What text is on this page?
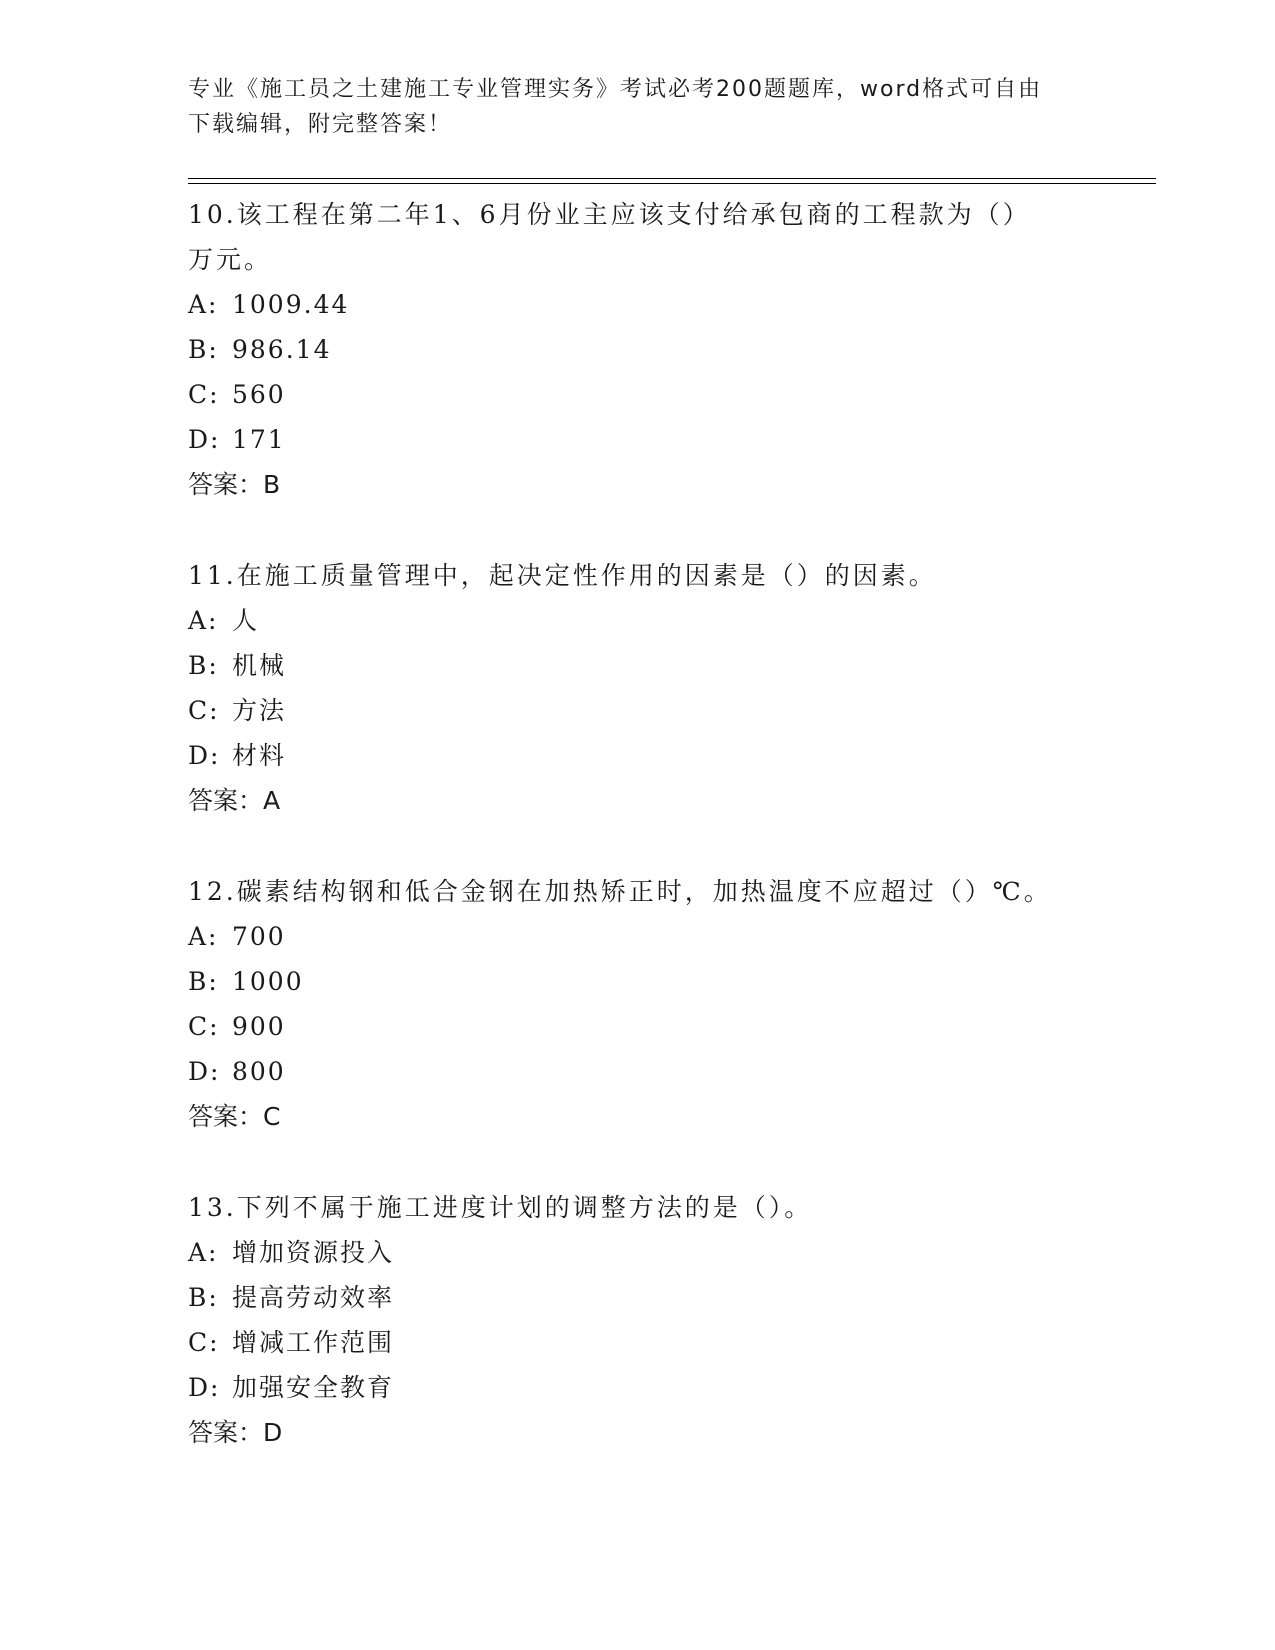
专业《施工员之土建施工专业管理实务》考试必考200题题库，word格式可自由
下载编辑，附完整答案！
10.该工程在第二年1、6月份业主应该支付给承包商的工程款为（）
万元。
A: 1009.44
B: 986.14
C: 560
D: 171
答案：B
11.在施工质量管理中，起决定性作用的因素是（）的因素。
A: 人
B: 机械
C: 方法
D: 材料
答案：A
12.碳素结构钢和低合金钢在加热矫正时，加热温度不应超过（）℃。
A: 700
B: 1000
C: 900
D: 800
答案：C
13.下列不属于施工进度计划的调整方法的是（）。
A: 增加资源投入
B: 提高劳动效率
C: 增减工作范围
D: 加强安全教育
答案：D
